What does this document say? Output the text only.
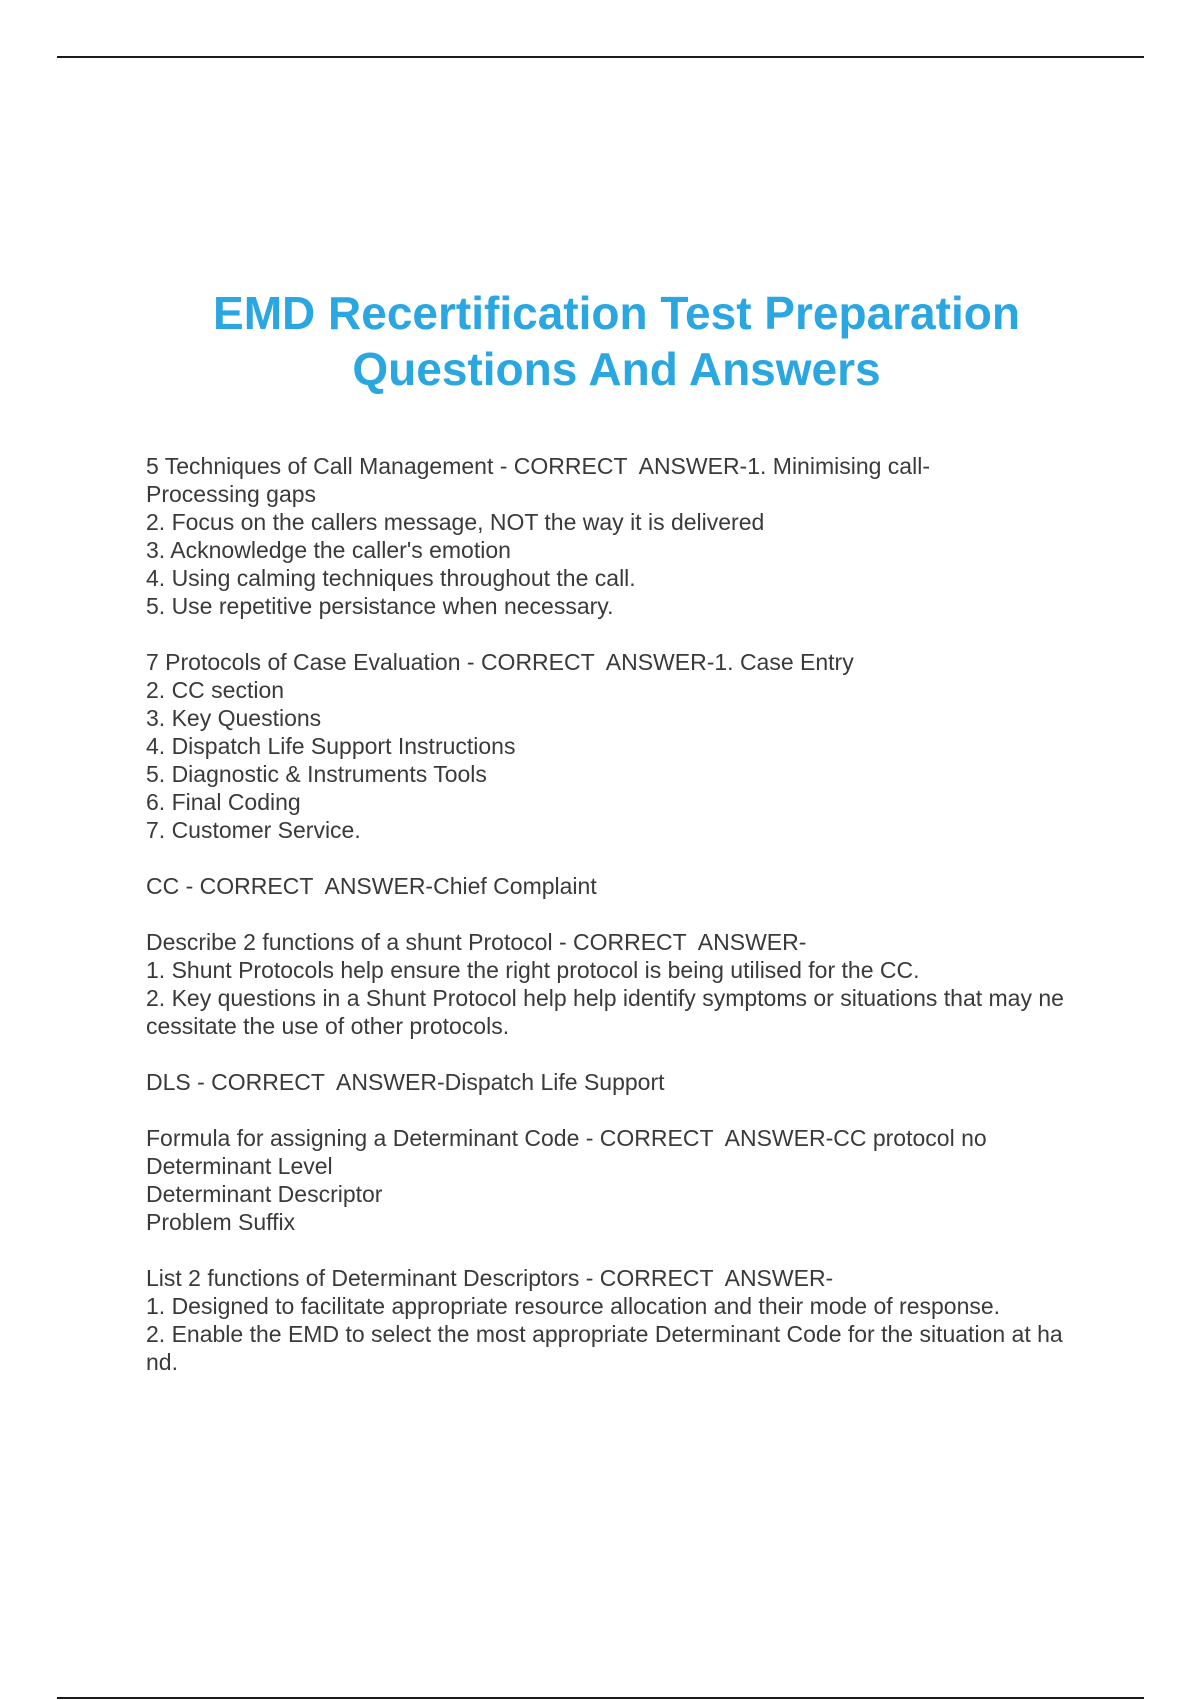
EMD Recertification Test Preparation
Questions And Answers
5 Techniques of Call Management - CORRECT  ANSWER-1. Minimising call-
Processing gaps
2. Focus on the callers message, NOT the way it is delivered
3. Acknowledge the caller's emotion
4. Using calming techniques throughout the call.
5. Use repetitive persistance when necessary.
7 Protocols of Case Evaluation - CORRECT  ANSWER-1. Case Entry
2. CC section
3. Key Questions
4. Dispatch Life Support Instructions
5. Diagnostic & Instruments Tools
6. Final Coding
7. Customer Service.
CC - CORRECT  ANSWER-Chief Complaint
Describe 2 functions of a shunt Protocol - CORRECT  ANSWER-
1. Shunt Protocols help ensure the right protocol is being utilised for the CC.
2. Key questions in a Shunt Protocol help help identify symptoms or situations that may ne
cessitate the use of other protocols.
DLS - CORRECT  ANSWER-Dispatch Life Support
Formula for assigning a Determinant Code - CORRECT  ANSWER-CC protocol no
Determinant Level
Determinant Descriptor
Problem Suffix
List 2 functions of Determinant Descriptors - CORRECT  ANSWER-
1. Designed to facilitate appropriate resource allocation and their mode of response.
2. Enable the EMD to select the most appropriate Determinant Code for the situation at ha
nd.
